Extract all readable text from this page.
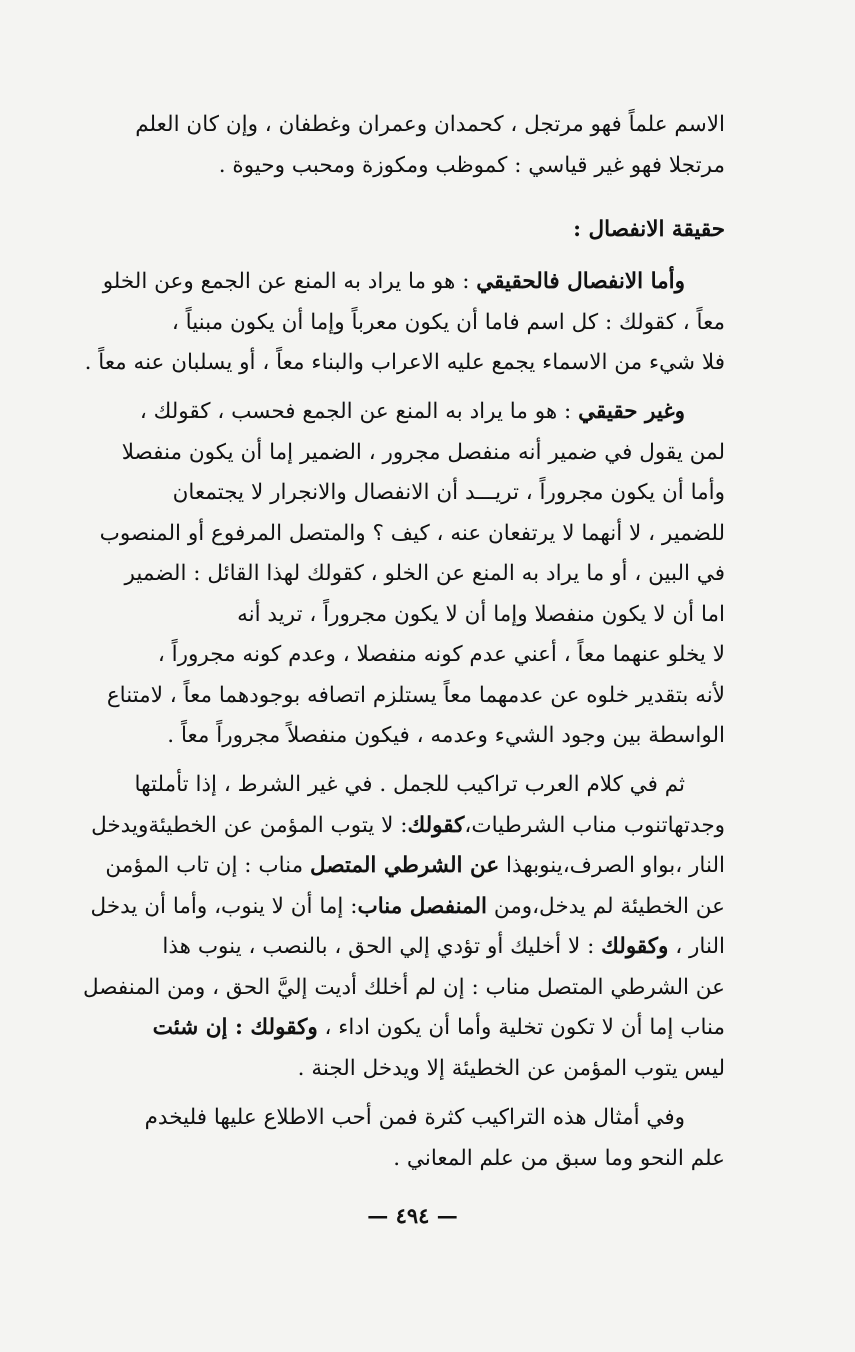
الاسم علماً فهو مرتجل ، كحمدان وعمران وغطفان ، وإن كان العلم
مرتجلا فهو غير قياسي : كموظب ومكوزة ومحبب وحيوة .
حقيقة الانفصال :
وأما الانفصال فالحقيقي : هو ما يراد به المنع عن الجمع وعن الخلو
معاً ، كقولك : كل اسم فاما أن يكون معرباً وإما أن يكون مبنياً ،
فلا شيء من الاسماء يجمع عليه الاعراب والبناء معاً ، أو يسلبان عنه معاً .
وغير حقيقي : هو ما يراد به المنع عن الجمع فحسب ، كقولك ،
لمن يقول في ضمير أنه منفصل مجرور ، الضمير إما أن يكون منفصلا
وأما أن يكون مجروراً ، تريـــد أن الانفصال والانجرار لا يجتمعان
للضمير ، لا أنهما لا يرتفعان عنه ، كيف ؟ والمتصل المرفوع أو المنصوب
في البين ، أو ما يراد به المنع عن الخلو ، كقولك لهذا القائل : الضمير
اما أن لا يكون منفصلا وإما أن لا يكون مجروراً ، تريد أنه
لا يخلو عنهما معاً ، أعني عدم كونه منفصلا ، وعدم كونه مجروراً ،
لأنه بتقدير خلوه عن عدمهما معاً يستلزم اتصافه بوجودهما معاً ، لامتناع
الواسطة بين وجود الشيء وعدمه ، فيكون منفصلاً مجروراً معاً .
ثم في كلام العرب تراكيب للجمل . في غير الشرط ، إذا تأملتها
وجدتهاتنوب مناب الشرطيات،كقولك: لا يتوب المؤمن عن الخطيئةويدخل
النار ،بواو الصرف،ينوبهذا عن الشرطي المتصل مناب : إن تاب المؤمن
عن الخطيئة لم يدخل،ومن المنفصل مناب: إما أن لا ينوب، وأما أن يدخل
النار ، وكقولك : لا أخليك أو تؤدي إلي الحق ، بالنصب ، ينوب هذا
عن الشرطي المتصل مناب : إن لم أخلك أديت إليَّ الحق ، ومن المنفصل
مناب إما أن لا تكون تخلية وأما أن يكون اداء ، وكقولك : إن شئت
ليس يتوب المؤمن عن الخطيئة إلا ويدخل الجنة .
وفي أمثال هذه التراكيب كثرة فمن أحب الاطلاع عليها فليخدم
علم النحو وما سبق من علم المعاني .
— ٤٩٤ —
